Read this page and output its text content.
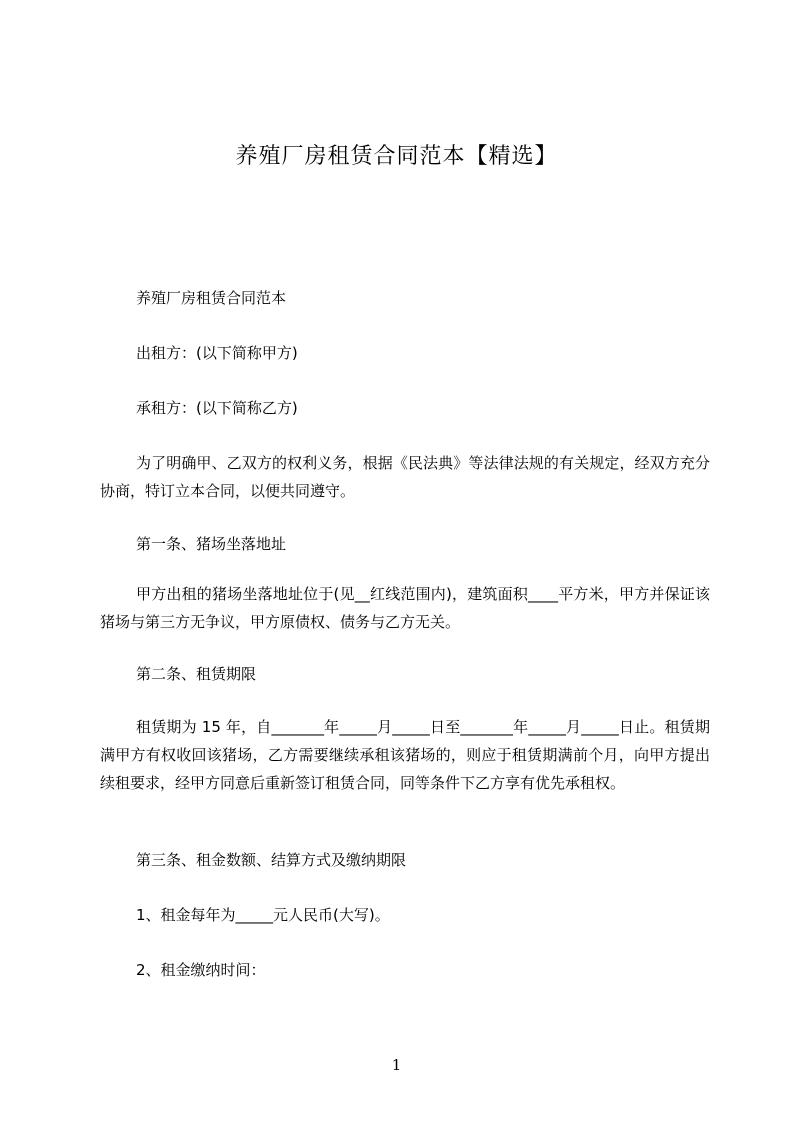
养殖厂房租赁合同范本【精选】
养殖厂房租赁合同范本
出租方：(以下简称甲方)
承租方：(以下简称乙方)
为了明确甲、乙双方的权利义务，根据《民法典》等法律法规的有关规定，经双方充分协商，特订立本合同，以便共同遵守。
第一条、猪场坐落地址
甲方出租的猪场坐落地址位于(见__红线范围内)，建筑面积____平方米，甲方并保证该猪场与第三方无争议，甲方原债权、债务与乙方无关。
第二条、租赁期限
租赁期为 15 年，自_______年_____月_____日至_______年_____月_____日止。租赁期满甲方有权收回该猪场，乙方需要继续承租该猪场的，则应于租赁期满前个月，向甲方提出续租要求，经甲方同意后重新签订租赁合同，同等条件下乙方享有优先承租权。
第三条、租金数额、结算方式及缴纳期限
1、租金每年为_____元人民币(大写)。
2、租金缴纳时间：
1
